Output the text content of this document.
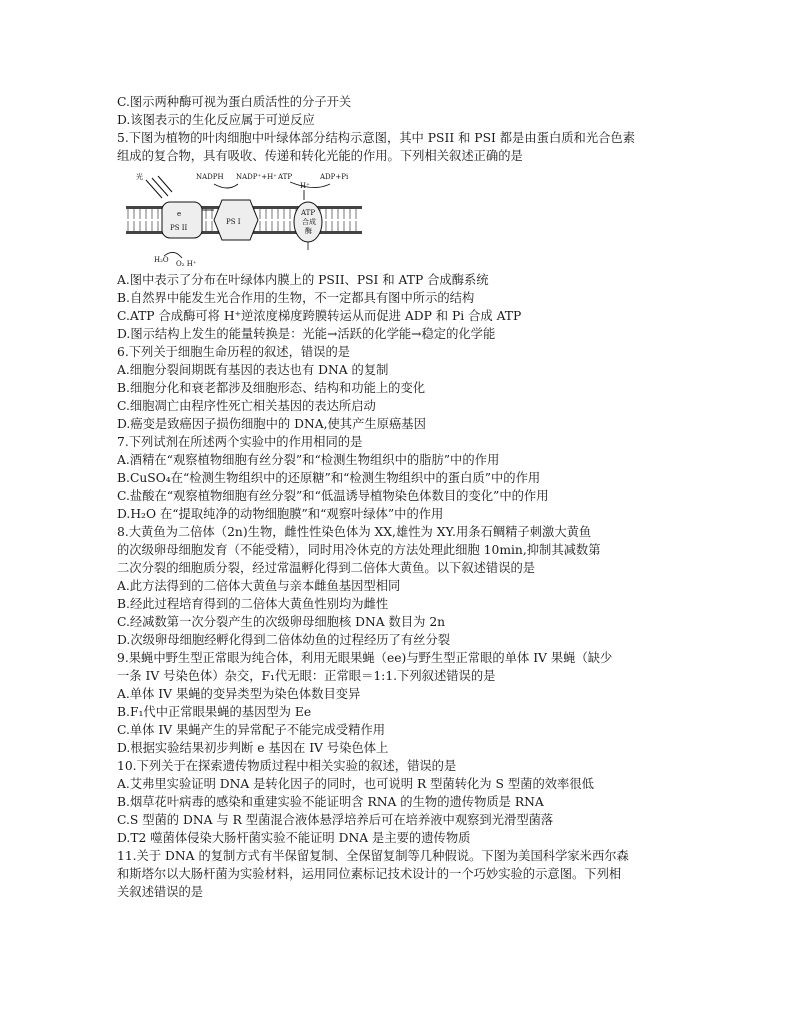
C.图示两种酶可视为蛋白质活性的分子开关
D.该图表示的生化反应属于可逆反应
5.下图为植物的叶肉细胞中叶绿体部分结构示意图，其中 PSII 和 PSI 都是由蛋白质和光合色素
组成的复合物，具有吸收、传递和转化光能的作用。下列相关叙述正确的是
光
e
PS II
PS I
ATP
合成
酶
NADPH NADP⁺+H⁺ ATP
H⁺
ADP+Pi
H₂O O₂ H⁺
A.图中表示了分布在叶绿体内膜上的 PSII、PSI 和 ATP 合成酶系统
B.自然界中能发生光合作用的生物，不一定都具有图中所示的结构
C.ATP 合成酶可将 H⁺逆浓度梯度跨膜转运从而促进 ADP 和 Pi 合成 ATP
D.图示结构上发生的能量转换是：光能→活跃的化学能→稳定的化学能
6.下列关于细胞生命历程的叙述，错误的是
A.细胞分裂间期既有基因的表达也有 DNA 的复制
B.细胞分化和衰老都涉及细胞形态、结构和功能上的变化
C.细胞凋亡由程序性死亡相关基因的表达所启动
D.癌变是致癌因子损伤细胞中的 DNA,使其产生原癌基因
7.下列试剂在所述两个实验中的作用相同的是
A.酒精在“观察植物细胞有丝分裂”和“检测生物组织中的脂肪”中的作用
B.CuSO₄在“检测生物组织中的还原糖”和“检测生物组织中的蛋白质”中的作用
C.盐酸在“观察植物细胞有丝分裂”和“低温诱导植物染色体数目的变化”中的作用
D.H₂O 在“提取纯净的动物细胞膜”和“观察叶绿体”中的作用
8.大黄鱼为二倍体（2n)生物，雌性性染色体为 XX,雄性为 XY.用条石鲷精子刺激大黄鱼
的次级卵母细胞发育（不能受精），同时用冷休克的方法处理此细胞 10min,抑制其减数第
二次分裂的细胞质分裂，经过常温孵化得到二倍体大黄鱼。以下叙述错误的是
A.此方法得到的二倍体大黄鱼与亲本雌鱼基因型相同
B.经此过程培育得到的二倍体大黄鱼性别均为雌性
C.经减数第一次分裂产生的次级卵母细胞核 DNA 数目为 2n
D.次级卵母细胞经孵化得到二倍体幼鱼的过程经历了有丝分裂
9.果蝇中野生型正常眼为纯合体，利用无眼果蝇（ee)与野生型正常眼的单体 IV 果蝇（缺少
一条 IV 号染色体）杂交，F₁代无眼：正常眼＝1:1.下列叙述错误的是
A.单体 IV 果蝇的变异类型为染色体数目变异
B.F₁代中正常眼果蝇的基因型为 Ee
C.单体 IV 果蝇产生的异常配子不能完成受精作用
D.根据实验结果初步判断 e 基因在 IV 号染色体上
10.下列关于在探索遗传物质过程中相关实验的叙述，错误的是
A.艾弗里实验证明 DNA 是转化因子的同时，也可说明 R 型菌转化为 S 型菌的效率很低
B.烟草花叶病毒的感染和重建实验不能证明含 RNA 的生物的遗传物质是 RNA
C.S 型菌的 DNA 与 R 型菌混合液体悬浮培养后可在培养液中观察到光滑型菌落
D.T2 噬菌体侵染大肠杆菌实验不能证明 DNA 是主要的遗传物质
11.关于 DNA 的复制方式有半保留复制、全保留复制等几种假说。下图为美国科学家米西尔森
和斯塔尔以大肠杆菌为实验材料，运用同位素标记技术设计的一个巧妙实验的示意图。下列相
关叙述错误的是
